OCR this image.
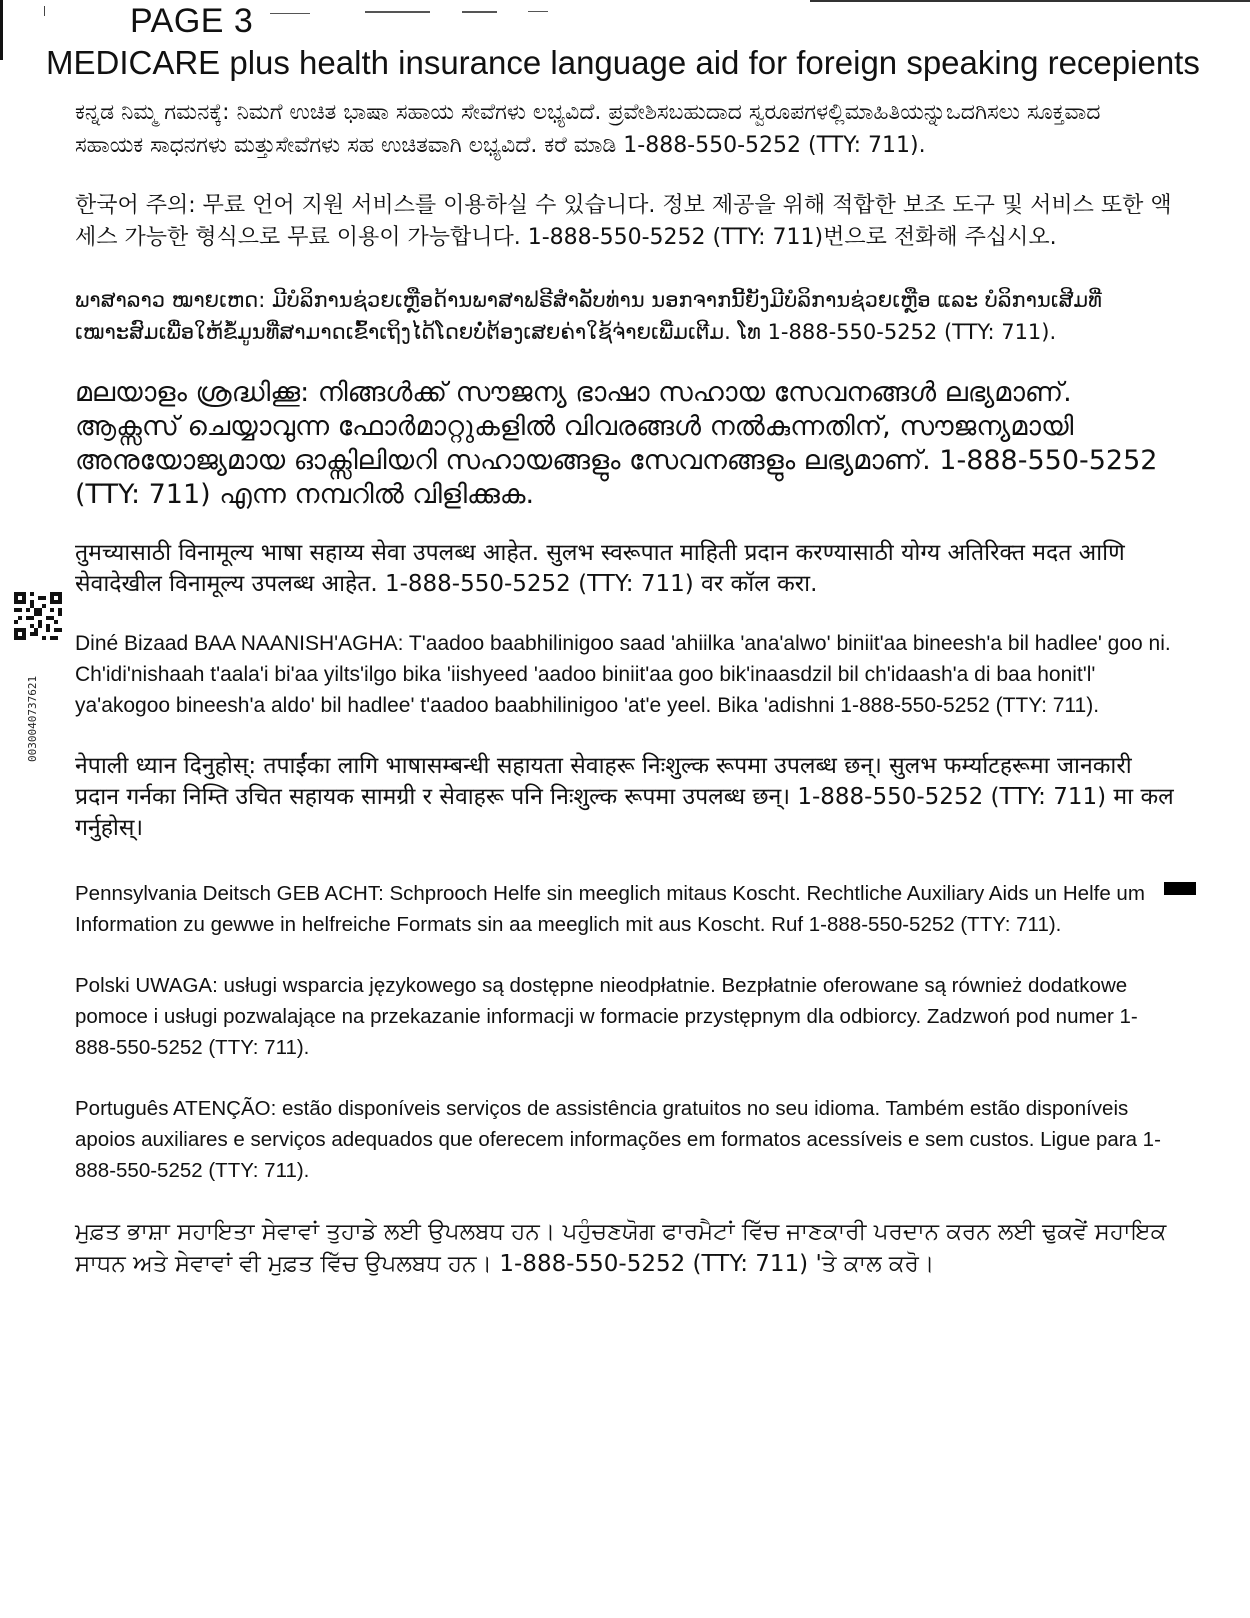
PAGE 3
MEDICARE plus health insurance language aid for foreign speaking recepients
003004073762​1

ಕನ್ನಡ ನಿಮ್ಮ ಗಮನಕ್ಕೆ: ನಿಮಗೆ ಉಚಿತ ಭಾಷಾ ಸಹಾಯ ಸೇವೆಗಳು ಲಭ್ಯವಿದೆ. ಪ್ರವೇಶಿಸಬಹುದಾದ ಸ್ವರೂಪಗಳಲ್ಲಿಮಾಹಿತಿಯನ್ನುಒದಗಿಸಲು ಸೂಕ್ತವಾದ ಸಹಾಯಕ ಸಾಧನಗಳು ಮತ್ತುಸೇವೆಗಳು ಸಹ ಉಚಿತವಾಗಿ ಲಭ್ಯವಿದೆ. ಕರೆ ಮಾಡಿ 1-888-550-5252 (TTY: 711).

한국어 주의: 무료 언어 지원 서비스를 이용하실 수 있습니다. 정보 제공을 위해 적합한 보조 도구 및 서비스 또한 액세스 가능한 형식으로 무료 이용이 가능합니다. 1-888-550-5252 (TTY: 711)번으로 전화해 주십시오.

ພາສາລາວ ໝາຍເຫດ: ມີບໍລິການຊ່ວຍເຫຼືອດ້ານພາສາຟຣີສໍາລັບທ່ານ ນອກຈາກນີ້ຍັງມີບໍລິການຊ່ວຍເຫຼືອ ແລະ ບໍລິການເສີມທີ່ເໝາະສົມເພື່ອໃຫ້ຂໍ້ມູນທີ່ສາມາດເຂົ້າເຖິງໄດ້ໂດຍບໍ່ຕ້ອງເສຍຄ່າໃຊ້ຈ່າຍເພີ່ມເຕີມ. ໂທ 1-888-550-5252 (TTY: 711).

മലയാളം ശ്രദ്ധിക്കൂ: നിങ്ങൾക്ക് സൗജന്യ ഭാഷാ സഹായ സേവനങ്ങൾ ലഭ്യമാണ്. ആക്സസ് ചെയ്യാവുന്ന ഫോർമാറ്റുകളിൽ വിവരങ്ങൾ നൽകുന്നതിന്, സൗജന്യമായി അനുയോജ്യമായ ഓക്സിലിയറി സഹായങ്ങളും സേവനങ്ങളും ലഭ്യമാണ്. 1-888-550-5252 (TTY: 711) എന്ന നമ്പറിൽ വിളിക്കുക.

तुमच्यासाठी विनामूल्य भाषा सहाय्य सेवा उपलब्ध आहेत. सुलभ स्वरूपात माहिती प्रदान करण्यासाठी योग्य अतिरिक्त मदत आणि सेवादेखील विनामूल्य उपलब्ध आहेत. 1-888-550-5252 (TTY: 711) वर कॉल करा.

Diné Bizaad BAA NAANISH'AGHA: T'aadoo baabhilinigoo saad 'ahiilka 'ana'alwo' biniit'aa bineesh'a bil hadlee' goo ni. Ch'idi'nishaah t'aala'i bi'aa yilts'ilgo bika 'iishyeed 'aadoo biniit'aa goo bik'inaasdzil bil ch'idaash'a di baa honit'l' ya'akogoo bineesh'a aldo' bil hadlee' t'aadoo baabhilinigoo 'at'e yeel. Bika 'adishni 1-888-550-5252 (TTY: 711).

नेपाली ध्यान दिनुहोस्: तपाईंका लागि भाषासम्बन्धी सहायता सेवाहरू निःशुल्क रूपमा उपलब्ध छन्। सुलभ फर्म्याटहरूमा जानकारी प्रदान गर्नका निम्ति उचित सहायक सामग्री र सेवाहरू पनि निःशुल्क रूपमा उपलब्ध छन्। 1-888-550-5252 (TTY: 711) मा कल गर्नुहोस्।

Pennsylvania Deitsch GEB ACHT: Schprooch Helfe sin meeglich mitaus Koscht. Rechtliche Auxiliary Aids un Helfe um Information zu gewwe in helfreiche Formats sin aa meeglich mit aus Koscht. Ruf 1-888-550-5252 (TTY: 711).

Polski UWAGA: usługi wsparcia językowego są dostępne nieodpłatnie. Bezpłatnie oferowane są również dodatkowe pomoce i usługi pozwalające na przekazanie informacji w formacie przystępnym dla odbiorcy. Zadzwoń pod numer 1-888-550-5252 (TTY: 711).

Português ATENÇÃO: estão disponíveis serviços de assistência gratuitos no seu idioma. Também estão disponíveis apoios auxiliares e serviços adequados que oferecem informações em formatos acessíveis e sem custos. Ligue para 1-888-550-5252 (TTY: 711).

ਮੁਫ਼ਤ ਭਾਸ਼ਾ ਸਹਾਇਤਾ ਸੇਵਾਵਾਂ ਤੁਹਾਡੇ ਲਈ ਉਪਲਬਧ ਹਨ। ਪਹੁੰਚਣਯੋਗ ਫਾਰਮੈਟਾਂ ਵਿੱਚ ਜਾਣਕਾਰੀ ਪਰਦਾਨ ਕਰਨ ਲਈ ਢੁਕਵੇਂ ਸਹਾਇਕ ਸਾਧਨ ਅਤੇ ਸੇਵਾਵਾਂ ਵੀ ਮੁਫ਼ਤ ਵਿੱਚ ਉਪਲਬਧ ਹਨ। 1-888-550-5252 (TTY: 711) 'ਤੇ ਕਾਲ ਕਰੋ।
